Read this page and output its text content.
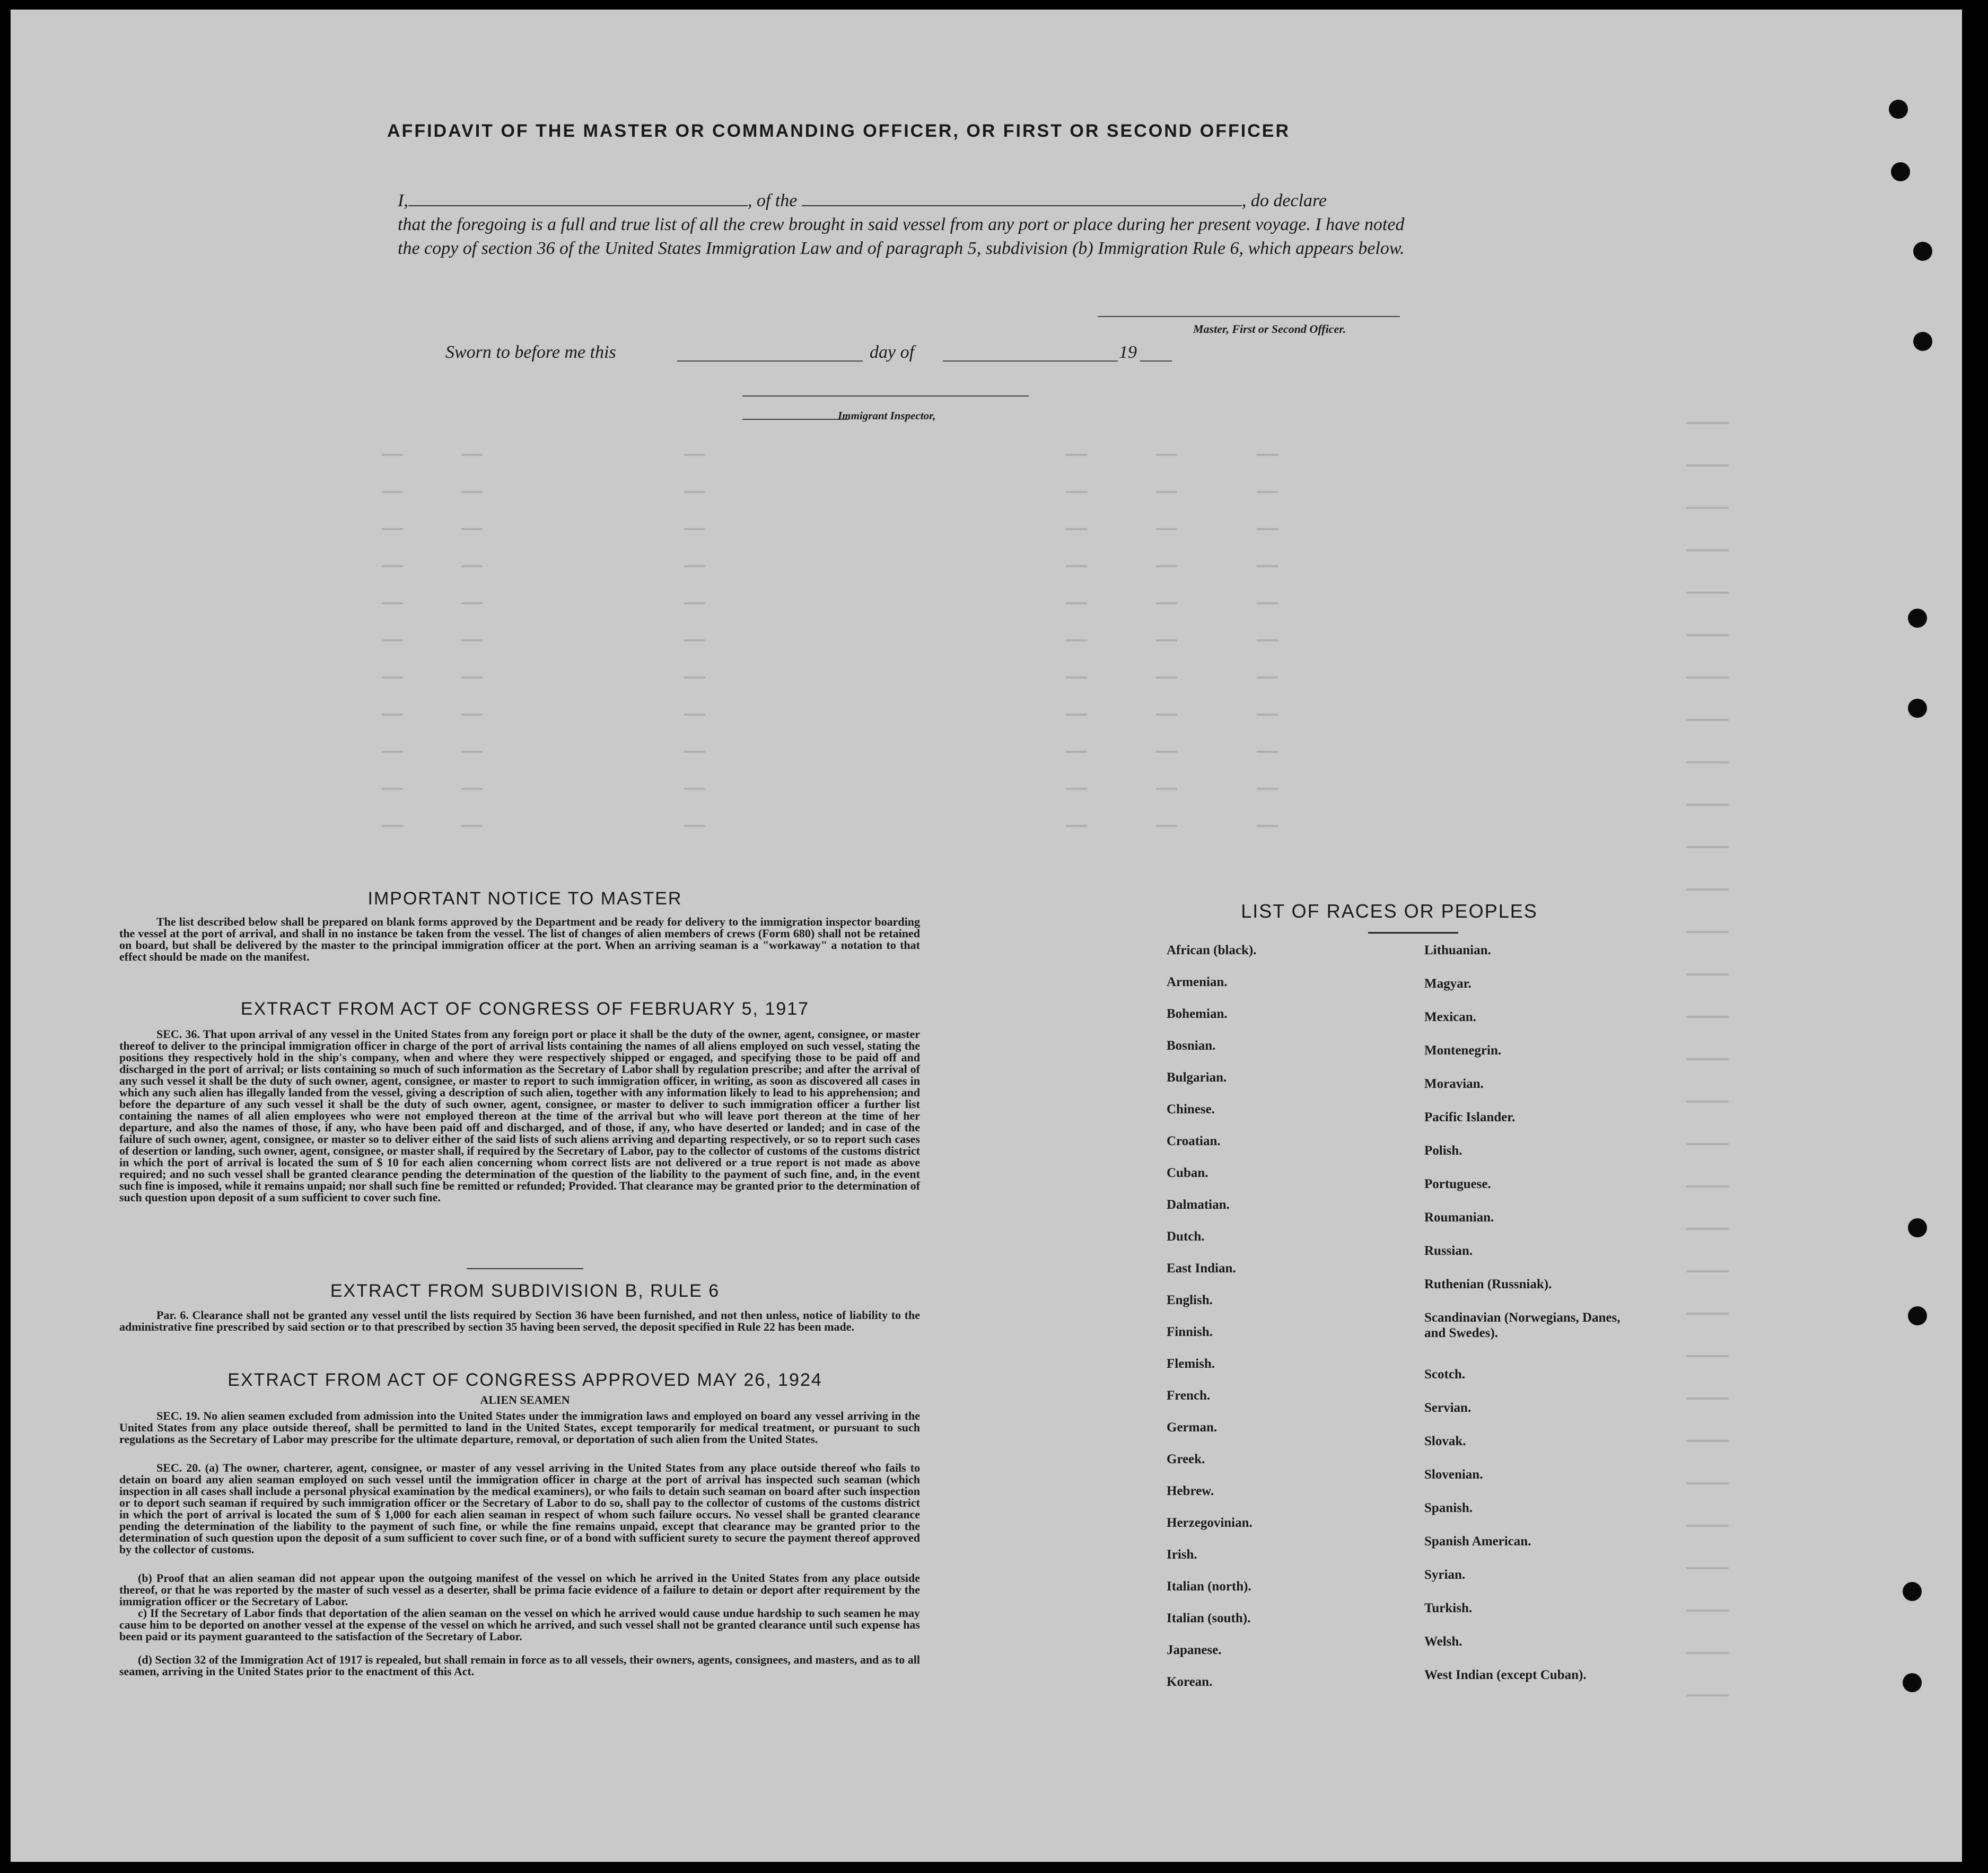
AFFIDAVIT OF THE MASTER OR COMMANDING OFFICER, OR FIRST OR SECOND OFFICER
I,	, of the	, do declare
that the foregoing is a full and true list of all the crew brought in said vessel from any port or place during her present voyage. I have noted the copy of section 36 of the United States Immigration Law and of paragraph 5, subdivision (b) Immigration Rule 6, which appears below.
Master, First or Second Officer.
Sworn to before me this	day of	19
Immigrant Inspector,
IMPORTANT NOTICE TO MASTER
The list described below shall be prepared on blank forms approved by the Department and be ready for delivery to the immigration inspector boarding the vessel at the port of arrival, and shall in no instance be taken from the vessel. The list of changes of alien members of crews (Form 680) shall not be retained on board, but shall be delivered by the master to the principal immigration officer at the port. When an arriving seaman is a "workaway" a notation to that effect should be made on the manifest.
EXTRACT FROM ACT OF CONGRESS OF FEBRUARY 5, 1917
SEC. 36. That upon arrival of any vessel in the United States from any foreign port or place it shall be the duty of the owner, agent, consignee, or master thereof to deliver to the principal immigration officer in charge of the port of arrival lists containing the names of all aliens employed on such vessel, stating the positions they respectively hold in the ship's company, when and where they were respectively shipped or engaged, and specifying those to be paid off and discharged in the port of arrival; or lists containing so much of such information as the Secretary of Labor shall by regulation prescribe; and after the arrival of any such vessel it shall be the duty of such owner, agent, consignee, or master to report to such immigration officer, in writing, as soon as discovered all cases in which any such alien has illegally landed from the vessel, giving a description of such alien, together with any information likely to lead to his apprehension; and before the departure of any such vessel it shall be the duty of such owner, agent, consignee, or master to deliver to such immigration officer a further list containing the names of all alien employees who were not employed thereon at the time of the arrival but who will leave port thereon at the time of her departure, and also the names of those, if any, who have been paid off and discharged, and of those, if any, who have deserted or landed; and in case of the failure of such owner, agent, consignee, or master so to deliver either of the said lists of such aliens arriving and departing respectively, or so to report such cases of desertion or landing, such owner, agent, consignee, or master shall, if required by the Secretary of Labor, pay to the collector of customs of the customs district in which the port of arrival is located the sum of $ 10 for each alien concerning whom correct lists are not delivered or a true report is not made as above required; and no such vessel shall be granted clearance pending the determination of the question of the liability to the payment of such fine, and, in the event such fine is imposed, while it remains unpaid; nor shall such fine be remitted or refunded; Provided. That clearance may be granted prior to the determination of such question upon deposit of a sum sufficient to cover such fine.
EXTRACT FROM SUBDIVISION B, RULE 6
Par. 6. Clearance shall not be granted any vessel until the lists required by Section 36 have been furnished, and not then unless, notice of liability to the administrative fine prescribed by said section or to that prescribed by section 35 having been served, the deposit specified in Rule 22 has been made.
EXTRACT FROM ACT OF CONGRESS APPROVED MAY 26, 1924
ALIEN SEAMEN
SEC. 19. No alien seamen excluded from admission into the United States under the immigration laws and employed on board any vessel arriving in the United States from any place outside thereof, shall be permitted to land in the United States, except temporarily for medical treatment, or pursuant to such regulations as the Secretary of Labor may prescribe for the ultimate departure, removal, or deportation of such alien from the United States.
SEC. 20. (a) The owner, charterer, agent, consignee, or master of any vessel arriving in the United States from any place outside thereof who fails to detain on board any alien seaman employed on such vessel until the immigration officer in charge at the port of arrival has inspected such seaman (which inspection in all cases shall include a personal physical examination by the medical examiners), or who fails to detain such seaman on board after such inspection or to deport such seaman if required by such immigration officer or the Secretary of Labor to do so, shall pay to the collector of customs of the customs district in which the port of arrival is located the sum of $ 1,000 for each alien seaman in respect of whom such failure occurs. No vessel shall be granted clearance pending the determination of the liability to the payment of such fine, or while the fine remains unpaid, except that clearance may be granted prior to the determination of such question upon the deposit of a sum sufficient to cover such fine, or of a bond with sufficient surety to secure the payment thereof approved by the collector of customs.
(b) Proof that an alien seaman did not appear upon the outgoing manifest of the vessel on which he arrived in the United States from any place outside thereof, or that he was reported by the master of such vessel as a deserter, shall be prima facie evidence of a failure to detain or deport after requirement by the immigration officer or the Secretary of Labor.
c) If the Secretary of Labor finds that deportation of the alien seaman on the vessel on which he arrived would cause undue hardship to such seamen he may cause him to be deported on another vessel at the expense of the vessel on which he arrived, and such vessel shall not be granted clearance until such expense has been paid or its payment guaranteed to the satisfaction of the Secretary of Labor.
(d) Section 32 of the Immigration Act of 1917 is repealed, but shall remain in force as to all vessels, their owners, agents, consignees, and masters, and as to all seamen, arriving in the United States prior to the enactment of this Act.
LIST OF RACES OR PEOPLES
African (black).
Armenian.
Bohemian.
Bosnian.
Bulgarian.
Chinese.
Croatian.
Cuban.
Dalmatian.
Dutch.
East Indian.
English.
Finnish.
Flemish.
French.
German.
Greek.
Hebrew.
Herzegovinian.
Irish.
Italian (north).
Italian (south).
Japanese.
Korean.
Lithuanian.
Magyar.
Mexican.
Montenegrin.
Moravian.
Pacific Islander.
Polish.
Portuguese.
Roumanian.
Russian.
Ruthenian (Russniak).
Scandinavian (Norwegians, Danes, and Swedes).
Scotch.
Servian.
Slovak.
Slovenian.
Spanish.
Spanish American.
Syrian.
Turkish.
Welsh.
West Indian (except Cuban).
